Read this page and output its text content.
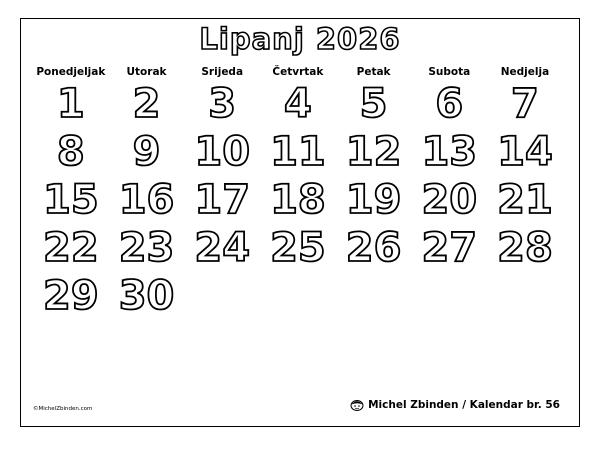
Lipanj 2026
Ponedjeljak	Utorak	Srijeda	Četvrtak	Petak	Subota	Nedjelja
1	2	3	4	5	6	7
8	9 10 11 12 13 14
15 16 17 18 19 20 21
22 23 24 25 26 27 28
29 30
©MichelZbinden.com	Michel Zbinden / Kalendar br. 56
